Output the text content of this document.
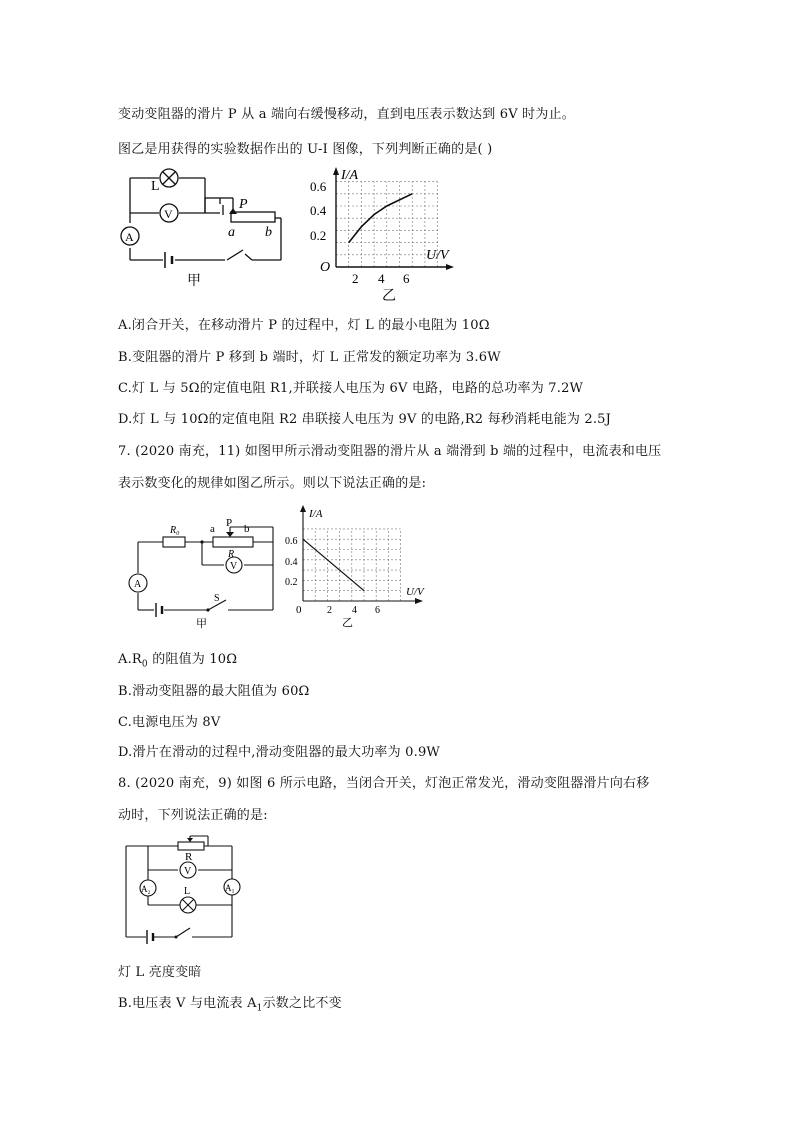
变动变阻器的滑片 P 从 a 端向右缓慢移动，直到电压表示数达到 6V 时为止。
图乙是用获得的实验数据作出的 U-I 图像，下列判断正确的是( )
A.闭合开关，在移动滑片 P 的过程中，灯 L 的最小电阻为 10Ω
B.变阻器的滑片 P 移到 b 端时，灯 L 正常发的额定功率为 3.6W
C.灯 L 与 5Ω的定值电阻 R1,并联接人电压为 6V 电路，电路的总功率为 7.2W
D.灯 L 与 10Ω的定值电阻 R2 串联接人电压为 9V 的电路,R2 每秒消耗电能为 2.5J
7. (2020 南充，11) 如图甲所示滑动变阻器的滑片从 a 端滑到 b 端的过程中，电流表和电压
表示数变化的规律如图乙所示。则以下说法正确的是:
$A.R_0$ 的阻值为 10Ω
B.滑动变阻器的最大阻值为 60Ω
C.电源电压为 8V
D.滑片在滑动的过程中,滑动变阻器的最大功率为 0.9W
8. (2020 南充，9) 如图 6 所示电路，当闭合开关，灯泡正常发光，滑动变阻器滑片向右移
动时，下列说法正确的是:
灯 L 亮度变暗
B.电压表 V 与电流表 $A_1$示数之比不变
L
V
A
P
a b
甲
I/A
U/V
O
0.6
0.4
0.2
2 4 6
乙
R₀	a P b
R
V
A
S
甲
I/A
U/V
0
0.6
0.4
0.2
2 4 6
乙
R
V
A₂	A₁
L
